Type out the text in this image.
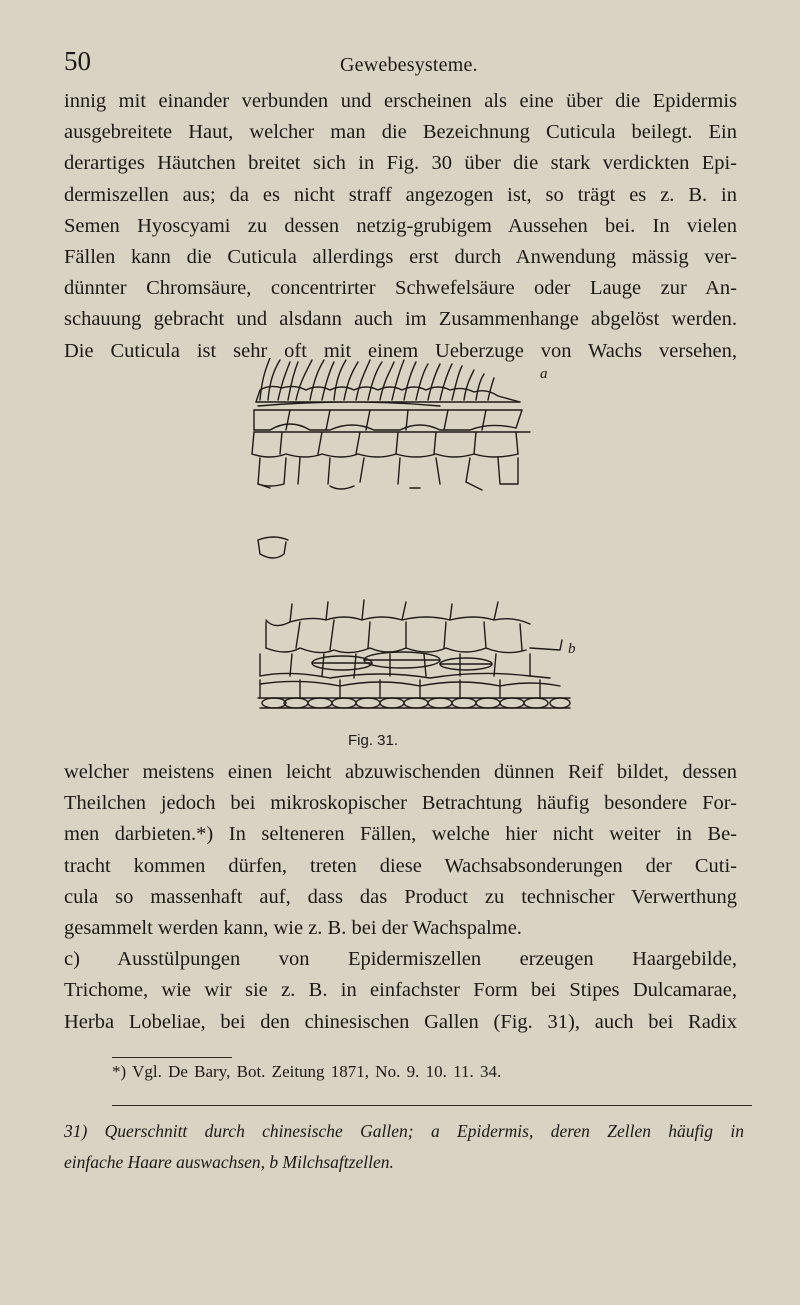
50	Gewebesysteme.
innig mit einander verbunden und erscheinen als eine über die Epidermis
ausgebreitete Haut, welcher man die Bezeichnung Cuticula beilegt. Ein
derartiges Häutchen breitet sich in Fig. 30 über die stark verdickten Epi-
dermiszellen aus; da es nicht straff angezogen ist, so trägt es z. B. in
Semen Hyoscyami zu dessen netzig-grubigem Aussehen bei. In vielen
Fällen kann die Cuticula allerdings erst durch Anwendung mässig ver-
dünnter Chromsäure, concentrirter Schwefelsäure oder Lauge zur An-
schauung gebracht und alsdann auch im Zusammenhange abgelöst werden.
Die Cuticula ist sehr oft mit einem Ueberzuge von Wachs versehen,
a
b
Fig. 31.
welcher meistens einen leicht abzuwischenden dünnen Reif bildet, dessen
Theilchen jedoch bei mikroskopischer Betrachtung häufig besondere For-
men darbieten.*) In selteneren Fällen, welche hier nicht weiter in Be-
tracht kommen dürfen, treten diese Wachsabsonderungen der Cuti-
cula so massenhaft auf, dass das Product zu technischer Verwerthung
gesammelt werden kann, wie z. B. bei der Wachspalme.
c) Ausstülpungen von Epidermiszellen erzeugen Haargebilde,
Trichome, wie wir sie z. B. in einfachster Form bei Stipes Dulcamarae,
Herba Lobeliae, bei den chinesischen Gallen (Fig. 31), auch bei Radix
*) Vgl. De Bary, Bot. Zeitung 1871, No. 9. 10. 11. 34.
31) Querschnitt durch chinesische Gallen; a Epidermis, deren Zellen häufig in
einfache Haare auswachsen, b Milchsaftzellen.
